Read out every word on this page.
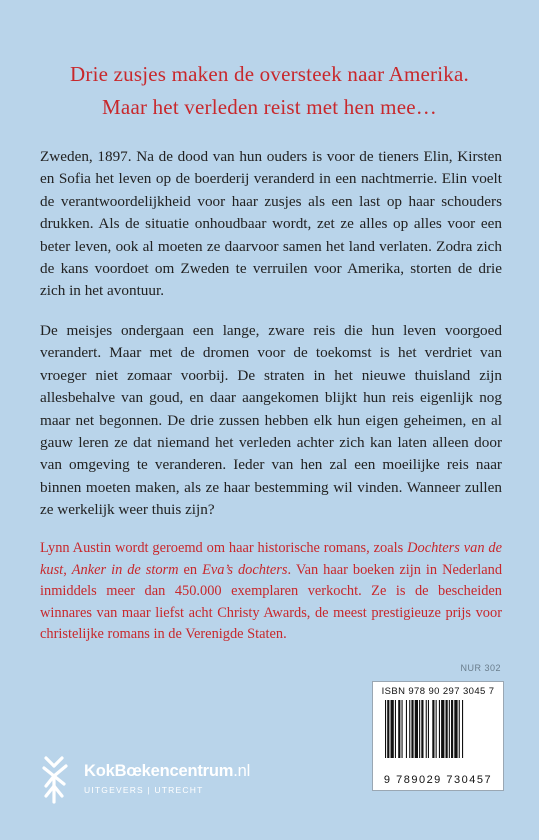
Drie zusjes maken de oversteek naar Amerika.
Maar het verleden reist met hen mee…

Zweden, 1897. Na de dood van hun ouders is voor de tieners Elin, Kirsten en Sofia het leven op de boerderij veranderd in een nachtmerrie. Elin voelt de verantwoordelijkheid voor haar zusjes als een last op haar schouders drukken. Als de situatie onhoudbaar wordt, zet ze alles op alles voor een beter leven, ook al moeten ze daarvoor samen het land verlaten. Zodra zich de kans voordoet om Zweden te verruilen voor Amerika, storten de drie zich in het avontuur.

De meisjes ondergaan een lange, zware reis die hun leven voorgoed verandert. Maar met de dromen voor de toekomst is het verdriet van vroeger niet zomaar voorbij. De straten in het nieuwe thuisland zijn allesbehalve van goud, en daar aangekomen blijkt hun reis eigenlijk nog maar net begonnen. De drie zussen hebben elk hun eigen geheimen, en al gauw leren ze dat niemand het verleden achter zich kan laten alleen door van omgeving te veranderen. Ieder van hen zal een moeilijke reis naar binnen moeten maken, als ze haar bestemming wil vinden. Wanneer zullen ze werkelijk weer thuis zijn?

Lynn Austin wordt geroemd om haar historische romans, zoals Dochters van de kust, Anker in de storm en Eva’s dochters. Van haar boeken zijn in Nederland inmiddels meer dan 450.000 exemplaren verkocht. Ze is de bescheiden winnares van maar liefst acht Christy Awards, de meest prestigieuze prijs voor christelijke romans in de Verenigde Staten.
NUR 302
ISBN 978 90 297 3045 7
9 789029 730457
KokBœkencentrum.nl
UITGEVERS | UTRECHT
